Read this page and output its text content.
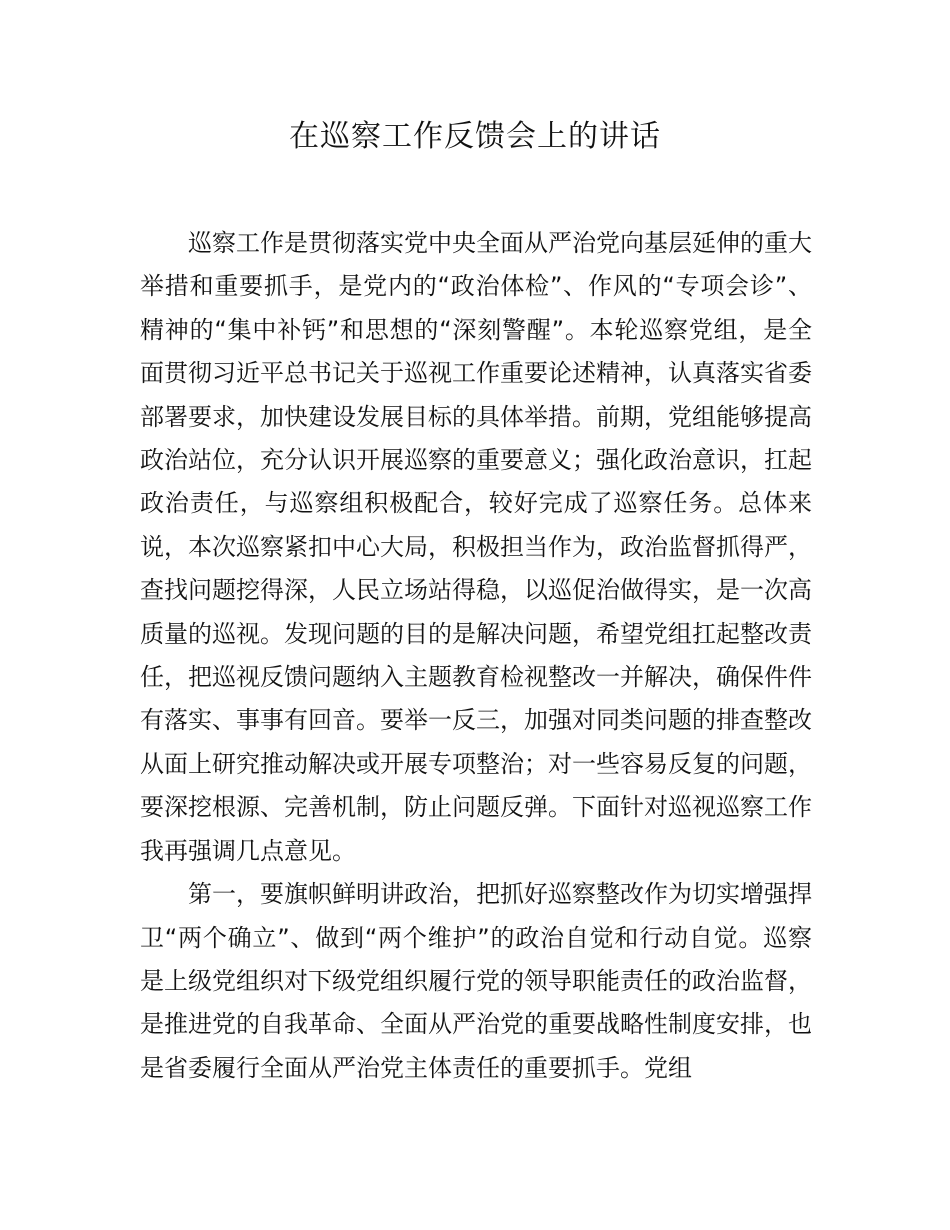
在巡察工作反馈会上的讲话

巡察工作是贯彻落实党中央全面从严治党向基层延伸的重大举措和重要抓手，是党内的“政治体检”、作风的“专项会诊”、精神的“集中补钙”和思想的“深刻警醒”。本轮巡察党组，是全面贯彻习近平总书记关于巡视工作重要论述精神，认真落实省委部署要求，加快建设发展目标的具体举措。前期，党组能够提高政治站位，充分认识开展巡察的重要意义；强化政治意识，扛起政治责任，与巡察组积极配合，较好完成了巡察任务。总体来说，本次巡察紧扣中心大局，积极担当作为，政治监督抓得严，查找问题挖得深，人民立场站得稳，以巡促治做得实，是一次高质量的巡视。发现问题的目的是解决问题，希望党组扛起整改责任，把巡视反馈问题纳入主题教育检视整改一并解决，确保件件有落实、事事有回音。要举一反三，加强对同类问题的排查整改从面上研究推动解决或开展专项整治；对一些容易反复的问题，要深挖根源、完善机制，防止问题反弹。下面针对巡视巡察工作我再强调几点意见。

第一，要旗帜鲜明讲政治，把抓好巡察整改作为切实增强捍卫“两个确立”、做到“两个维护”的政治自觉和行动自觉。巡察是上级党组织对下级党组织履行党的领导职能责任的政治监督，是推进党的自我革命、全面从严治党的重要战略性制度安排，也是省委履行全面从严治党主体责任的重要抓手。党组
